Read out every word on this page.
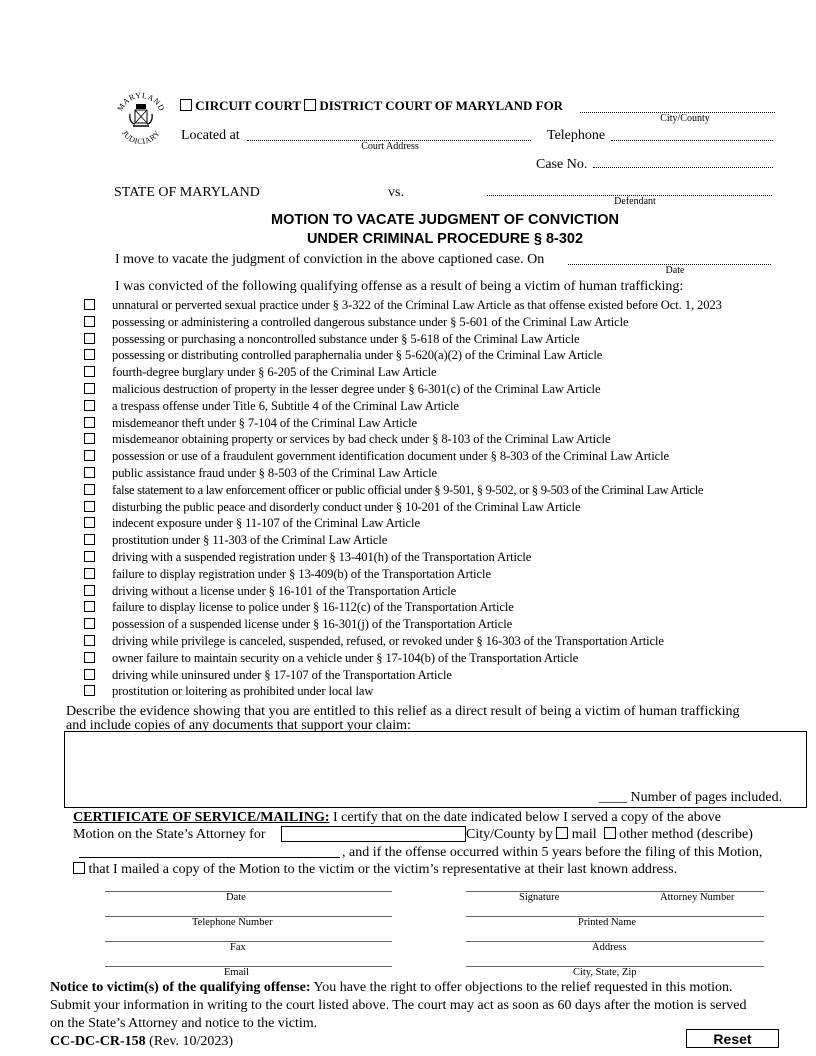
MARYLAND
JUDICIARY
CIRCUIT COURT DISTRICT COURT OF MARYLAND FOR
City/County
Located at
Court Address
Telephone
Case No.
STATE OF MARYLAND	vs.
Defendant
MOTION TO VACATE JUDGMENT OF CONVICTION
UNDER CRIMINAL PROCEDURE § 8-302
I move to vacate the judgment of conviction in the above captioned case. On
Date
I was convicted of the following qualifying offense as a result of being a victim of human trafficking:
unnatural or perverted sexual practice under § 3-322 of the Criminal Law Article as that offense existed before Oct. 1, 2023
possessing or administering a controlled dangerous substance under § 5-601 of the Criminal Law Article
possessing or purchasing a noncontrolled substance under § 5-618 of the Criminal Law Article
possessing or distributing controlled paraphernalia under § 5-620(a)(2) of the Criminal Law Article
fourth-degree burglary under § 6-205 of the Criminal Law Article
malicious destruction of property in the lesser degree under § 6-301(c) of the Criminal Law Article
a trespass offense under Title 6, Subtitle 4 of the Criminal Law Article
misdemeanor theft under § 7-104 of the Criminal Law Article
misdemeanor obtaining property or services by bad check under § 8-103 of the Criminal Law Article
possession or use of a fraudulent government identification document under § 8-303 of the Criminal Law Article
public assistance fraud under § 8-503 of the Criminal Law Article
false statement to a law enforcement officer or public official under § 9-501, § 9-502, or § 9-503 of the Criminal Law Article
disturbing the public peace and disorderly conduct under § 10-201 of the Criminal Law Article
indecent exposure under § 11-107 of the Criminal Law Article
prostitution under § 11-303 of the Criminal Law Article
driving with a suspended registration under § 13-401(h) of the Transportation Article
failure to display registration under § 13-409(b) of the Transportation Article
driving without a license under § 16-101 of the Transportation Article
failure to display license to police under § 16-112(c) of the Transportation Article
possession of a suspended license under § 16-301(j) of the Transportation Article
driving while privilege is canceled, suspended, refused, or revoked under § 16-303 of the Transportation Article
owner failure to maintain security on a vehicle under § 17-104(b) of the Transportation Article
driving while uninsured under § 17-107 of the Transportation Article
prostitution or loitering as prohibited under local law
Describe the evidence showing that you are entitled to this relief as a direct result of being a victim of human trafficking
and include copies of any documents that support your claim:
____ Number of pages included.
CERTIFICATE OF SERVICE/MAILING: I certify that on the date indicated below I served a copy of the above
Motion on the State’s Attorney for	City/County by mail other method (describe)
, and if the offense occurred within 5 years before the filing of this Motion,
that I mailed a copy of the Motion to the victim or the victim’s representative at their last known address.
Date	Signature	Attorney Number
Telephone Number	Printed Name
Fax	Address
Email	City, State, Zip
Notice to victim(s) of the qualifying offense: You have the right to offer objections to the relief requested in this motion.
Submit your information in writing to the court listed above. The court may act as soon as 60 days after the motion is served
on the State’s Attorney and notice to the victim.
CC-DC-CR-158 (Rev. 10/2023)	Reset
